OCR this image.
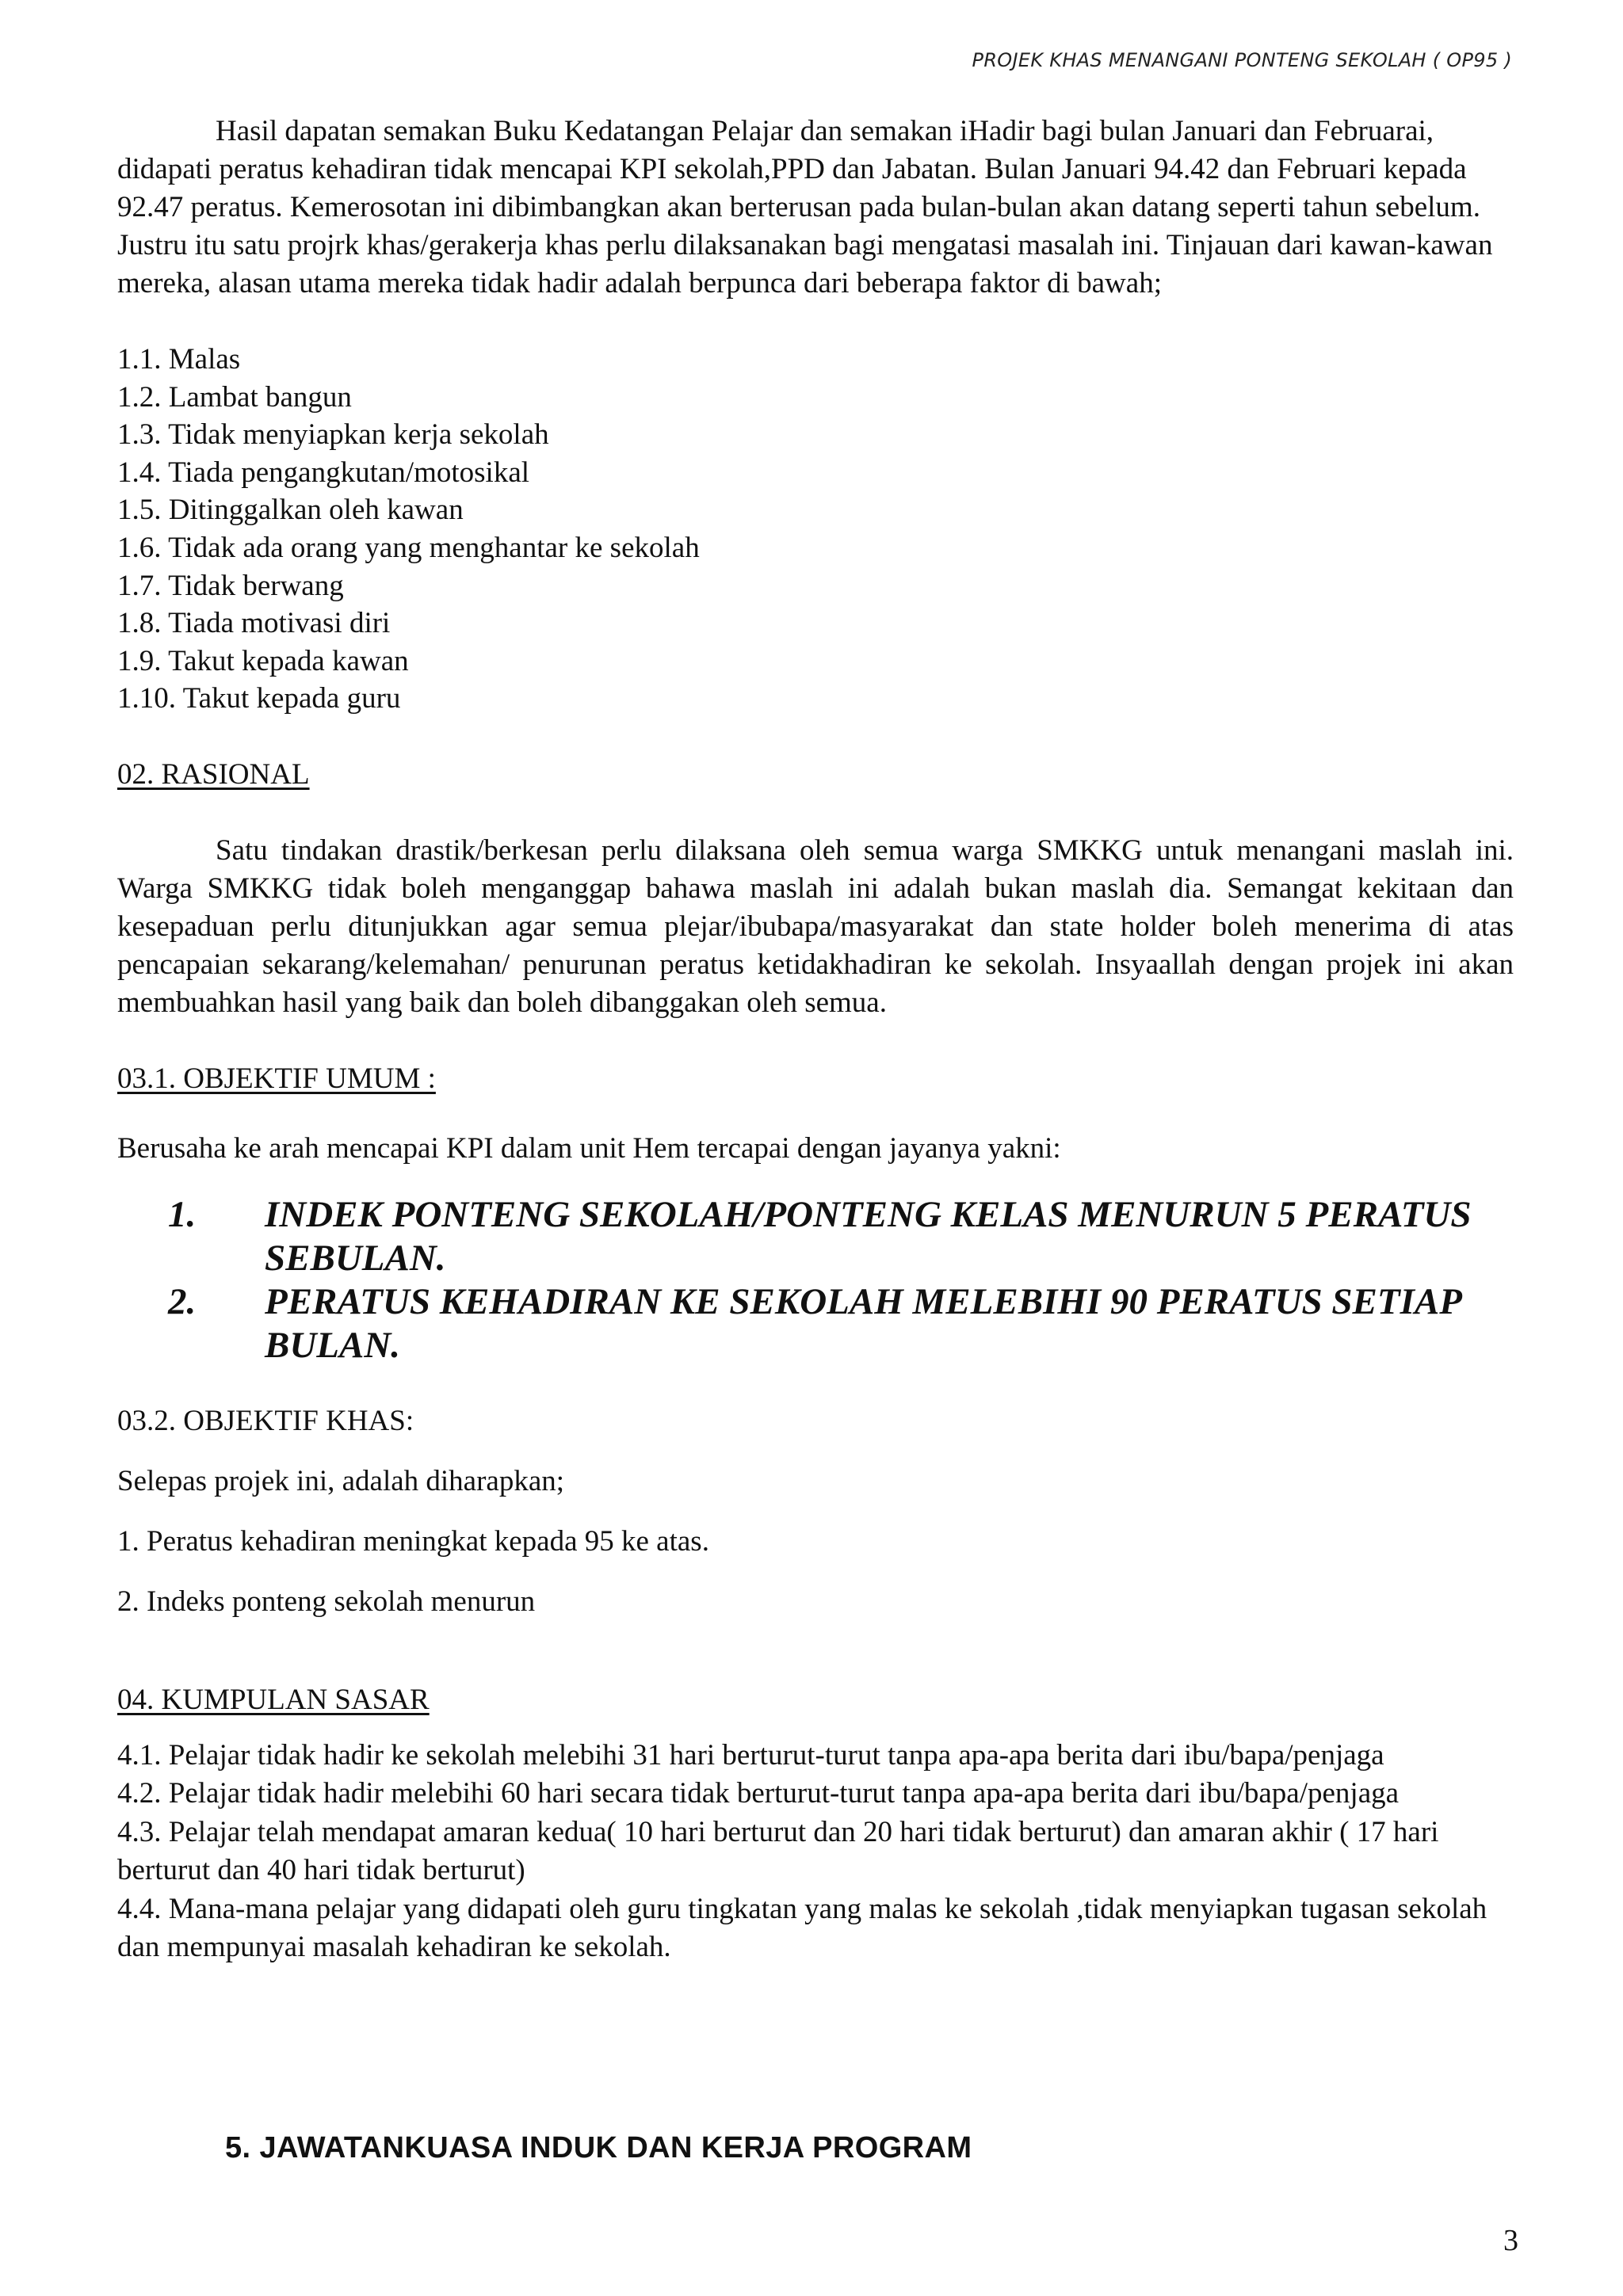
PROJEK KHAS MENANGANI PONTENG SEKOLAH ( OP95 )

Hasil dapatan semakan Buku Kedatangan Pelajar dan semakan iHadir bagi bulan Januari dan Februarai, didapati peratus kehadiran tidak mencapai KPI sekolah,PPD dan Jabatan. Bulan Januari 94.42 dan Februari kepada 92.47 peratus. Kemerosotan ini dibimbangkan akan berterusan pada bulan-bulan akan datang seperti tahun sebelum. Justru itu satu projrk khas/gerakerja khas perlu dilaksanakan bagi mengatasi masalah ini. Tinjauan dari kawan-kawan mereka, alasan utama mereka tidak hadir adalah berpunca dari beberapa faktor di bawah;

1.1. Malas
1.2. Lambat bangun
1.3. Tidak menyiapkan kerja sekolah
1.4. Tiada pengangkutan/motosikal
1.5. Ditinggalkan oleh kawan
1.6. Tidak ada orang yang menghantar ke sekolah
1.7. Tidak berwang
1.8. Tiada motivasi diri
1.9. Takut kepada kawan
1.10. Takut kepada guru

02. RASIONAL

Satu tindakan drastik/berkesan perlu dilaksana oleh semua warga SMKKG untuk menangani maslah ini. Warga SMKKG tidak boleh menganggap bahawa maslah ini adalah bukan maslah dia. Semangat kekitaan dan kesepaduan perlu ditunjukkan agar semua plejar/ibubapa/masyarakat dan state holder boleh menerima di atas pencapaian sekarang/kelemahan/ penurunan peratus ketidakhadiran ke sekolah. Insyaallah dengan projek ini akan membuahkan hasil yang baik dan boleh dibanggakan oleh semua.

03.1. OBJEKTIF UMUM :

Berusaha ke arah mencapai KPI dalam unit Hem tercapai dengan jayanya yakni:

1.	INDEK PONTENG SEKOLAH/PONTENG KELAS MENURUN 5 PERATUS SEBULAN.
2.	PERATUS KEHADIRAN KE SEKOLAH MELEBIHI 90 PERATUS SETIAP BULAN.

03.2. OBJEKTIF KHAS:

Selepas projek ini, adalah diharapkan;

1. Peratus kehadiran meningkat kepada 95 ke atas.

2. Indeks ponteng sekolah menurun

04. KUMPULAN SASAR

4.1. Pelajar tidak hadir ke sekolah melebihi 31 hari berturut-turut tanpa apa-apa berita dari ibu/bapa/penjaga
4.2. Pelajar tidak hadir melebihi 60 hari secara tidak berturut-turut tanpa apa-apa berita dari ibu/bapa/penjaga
4.3. Pelajar telah mendapat amaran kedua( 10 hari berturut dan 20 hari tidak berturut) dan amaran akhir ( 17 hari berturut dan 40 hari tidak berturut)
4.4. Mana-mana pelajar yang didapati oleh guru tingkatan yang malas ke sekolah ,tidak menyiapkan tugasan sekolah dan mempunyai masalah kehadiran ke sekolah.
5. JAWATANKUASA INDUK DAN KERJA PROGRAM
3
